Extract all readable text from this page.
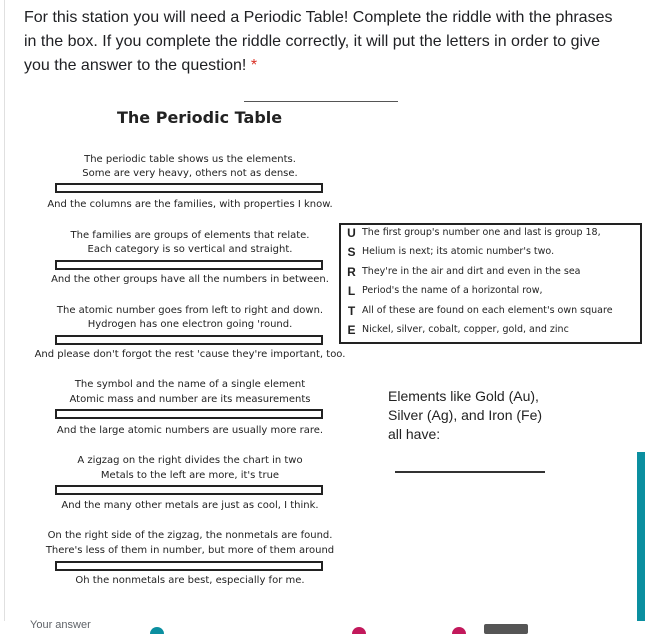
For this station you will need a Periodic Table! Complete the riddle with the phrases in the box. If you complete the riddle correctly, it will put the letters in order to give you the answer to the question! *
The Periodic Table
The periodic table shows us the elements.
Some are very heavy, others not as dense.
And the columns are the families, with properties I know.
The families are groups of elements that relate.
Each category is so vertical and straight.
And the other groups have all the numbers in between.
The atomic number goes from left to right and down.
Hydrogen has one electron going 'round.
And please don't forgot the rest 'cause they're important, too.
The symbol and the name of a single element
Atomic mass and number are its measurements
And the large atomic numbers are usually more rare.
A zigzag on the right divides the chart in two
Metals to the left are more, it's true
And the many other metals are just as cool, I think.
On the right side of the zigzag, the nonmetals are found.
There's less of them in number, but more of them around
Oh the nonmetals are best, especially for me.
U The first group's number one and last is group 18,
S Helium is next; its atomic number's two.
R They're in the air and dirt and even in the sea
L Period's the name of a horizontal row,
T All of these are found on each element's own square
E Nickel, silver, cobalt, copper, gold, and zinc
Elements like Gold (Au),
Silver (Ag), and Iron (Fe)
all have:
Your answer
